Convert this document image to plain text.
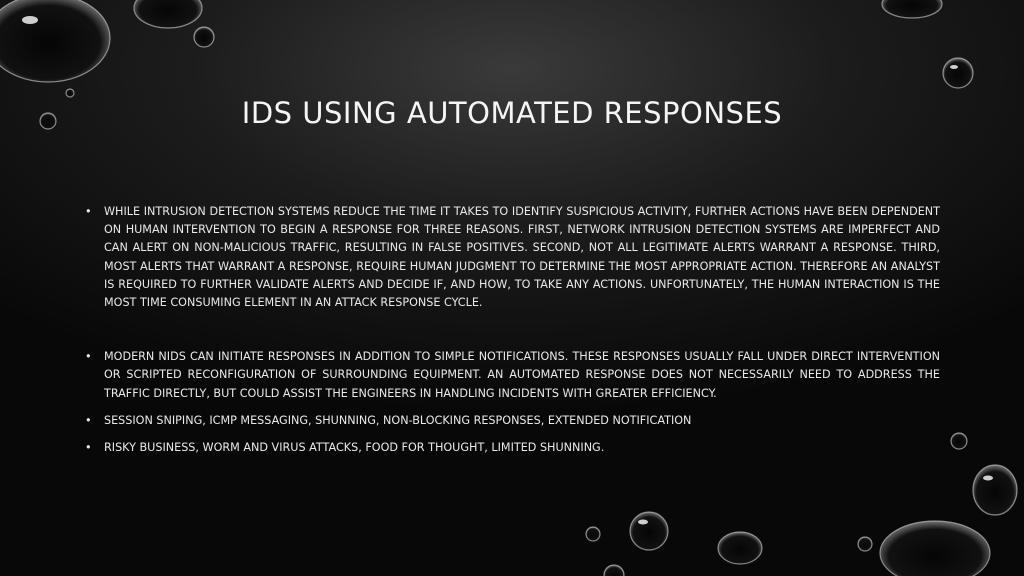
IDS USING AUTOMATED RESPONSES
• WHILE INTRUSION DETECTION SYSTEMS REDUCE THE TIME IT TAKES TO IDENTIFY SUSPICIOUS ACTIVITY, FURTHER ACTIONS HAVE BEEN DEPENDENT ON HUMAN INTERVENTION TO BEGIN A RESPONSE FOR THREE REASONS. FIRST, NETWORK INTRUSION DETECTION SYSTEMS ARE IMPERFECT AND CAN ALERT ON NON-MALICIOUS TRAFFIC, RESULTING IN FALSE POSITIVES. SECOND, NOT ALL LEGITIMATE ALERTS WARRANT A RESPONSE. THIRD, MOST ALERTS THAT WARRANT A RESPONSE, REQUIRE HUMAN JUDGMENT TO DETERMINE THE MOST APPROPRIATE ACTION. THEREFORE AN ANALYST IS REQUIRED TO FURTHER VALIDATE ALERTS AND DECIDE IF, AND HOW, TO TAKE ANY ACTIONS. UNFORTUNATELY, THE HUMAN INTERACTION IS THE MOST TIME CONSUMING ELEMENT IN AN ATTACK RESPONSE CYCLE.
• MODERN NIDS CAN INITIATE RESPONSES IN ADDITION TO SIMPLE NOTIFICATIONS. THESE RESPONSES USUALLY FALL UNDER DIRECT INTERVENTION OR SCRIPTED RECONFIGURATION OF SURROUNDING EQUIPMENT. AN AUTOMATED RESPONSE DOES NOT NECESSARILY NEED TO ADDRESS THE TRAFFIC DIRECTLY, BUT COULD ASSIST THE ENGINEERS IN HANDLING INCIDENTS WITH GREATER EFFICIENCY.
• SESSION SNIPING, ICMP MESSAGING, SHUNNING, NON-BLOCKING RESPONSES, EXTENDED NOTIFICATION
• RISKY BUSINESS, WORM AND VIRUS ATTACKS, FOOD FOR THOUGHT, LIMITED SHUNNING.
